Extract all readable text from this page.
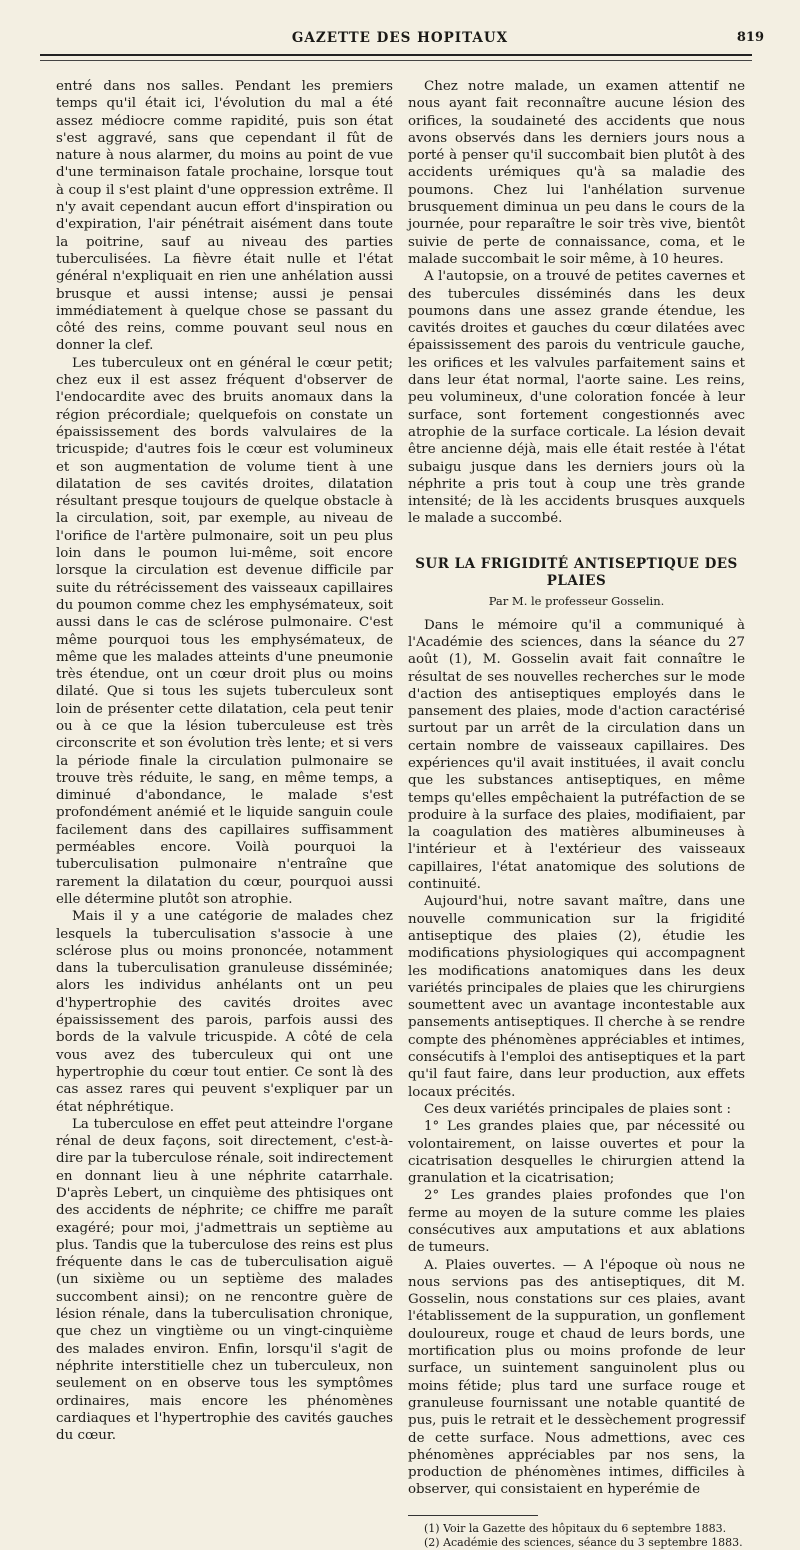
GAZETTE DES HOPITAUX	819

entré dans nos salles. Pendant les premiers temps qu'il était ici, l'évolution du mal a été assez médiocre comme rapidité, puis son état s'est aggravé, sans que cependant il fût de nature à nous alarmer, du moins au point de vue d'une terminaison fatale prochaine, lorsque tout à coup il s'est plaint d'une oppression extrême. Il n'y avait cependant aucun effort d'inspiration ou d'expiration, l'air pénétrait aisément dans toute la poitrine, sauf au niveau des parties tuberculisées. La fièvre était nulle et l'état général n'expliquait en rien une anhélation aussi brusque et aussi intense; aussi je pensai immédiatement à quelque chose se passant du côté des reins, comme pouvant seul nous en donner la clef.

Les tuberculeux ont en général le cœur petit; chez eux il est assez fréquent d'observer de l'endocardite avec des bruits anomaux dans la région précordiale; quelquefois on constate un épaississement des bords valvulaires de la tricuspide; d'autres fois le cœur est volumineux et son augmentation de volume tient à une dilatation de ses cavités droites, dilatation résultant presque toujours de quelque obstacle à la circulation, soit, par exemple, au niveau de l'orifice de l'artère pulmonaire, soit un peu plus loin dans le poumon lui-même, soit encore lorsque la circulation est devenue difficile par suite du rétrécissement des vaisseaux capillaires du poumon comme chez les emphysémateux, soit aussi dans le cas de sclérose pulmonaire. C'est même pourquoi tous les emphysémateux, de même que les malades atteints d'une pneumonie très étendue, ont un cœur droit plus ou moins dilaté. Que si tous les sujets tuberculeux sont loin de présenter cette dilatation, cela peut tenir ou à ce que la lésion tuberculeuse est très circonscrite et son évolution très lente; et si vers la période finale la circulation pulmonaire se trouve très réduite, le sang, en même temps, a diminué d'abondance, le malade s'est profondément anémié et le liquide sanguin coule facilement dans des capillaires suffisamment perméables encore. Voilà pourquoi la tuberculisation pulmonaire n'entraîne que rarement la dilatation du cœur, pourquoi aussi elle détermine plutôt son atrophie.

Mais il y a une catégorie de malades chez lesquels la tuberculisation s'associe à une sclérose plus ou moins prononcée, notamment dans la tuberculisation granuleuse disséminée; alors les individus anhélants ont un peu d'hypertrophie des cavités droites avec épaississement des parois, parfois aussi des bords de la valvule tricuspide. A côté de cela vous avez des tuberculeux qui ont une hypertrophie du cœur tout entier. Ce sont là des cas assez rares qui peuvent s'expliquer par un état néphrétique.

La tuberculose en effet peut atteindre l'organe rénal de deux façons, soit directement, c'est-à-dire par la tuberculose rénale, soit indirectement en donnant lieu à une néphrite catarrhale. D'après Lebert, un cinquième des phtisiques ont des accidents de néphrite; ce chiffre me paraît exagéré; pour moi, j'admettrais un septième au plus. Tandis que la tuberculose des reins est plus fréquente dans le cas de tuberculisation aiguë (un sixième ou un septième des malades succombent ainsi); on ne rencontre guère de lésion rénale, dans la tuberculisation chronique, que chez un vingtième ou un vingt-cinquième des malades environ. Enfin, lorsqu'il s'agit de néphrite interstitielle chez un tuberculeux, non seulement on en observe tous les symptômes ordinaires, mais encore les phénomènes cardiaques et l'hypertrophie des cavités gauches du cœur.

Chez notre malade, un examen attentif ne nous ayant fait reconnaître aucune lésion des orifices, la soudaineté des accidents que nous avons observés dans les derniers jours nous a porté à penser qu'il succombait bien plutôt à des accidents urémiques qu'à sa maladie des poumons. Chez lui l'anhélation survenue brusquement diminua un peu dans le cours de la journée, pour reparaître le soir très vive, bientôt suivie de perte de connaissance, coma, et le malade succombait le soir même, à 10 heures.

A l'autopsie, on a trouvé de petites cavernes et des tubercules disséminés dans les deux poumons dans une assez grande étendue, les cavités droites et gauches du cœur dilatées avec épaississement des parois du ventricule gauche, les orifices et les valvules parfaitement sains et dans leur état normal, l'aorte saine. Les reins, peu volumineux, d'une coloration foncée à leur surface, sont fortement congestionnés avec atrophie de la surface corticale. La lésion devait être ancienne déjà, mais elle était restée à l'état subaigu jusque dans les derniers jours où la néphrite a pris tout à coup une très grande intensité; de là les accidents brusques auxquels le malade a succombé.

SUR LA FRIGIDITÉ ANTISEPTIQUE DES PLAIES
Par M. le professeur Gosselin.

Dans le mémoire qu'il a communiqué à l'Académie des sciences, dans la séance du 27 août (1), M. Gosselin avait fait connaître le résultat de ses nouvelles recherches sur le mode d'action des antiseptiques employés dans le pansement des plaies, mode d'action caractérisé surtout par un arrêt de la circulation dans un certain nombre de vaisseaux capillaires. Des expériences qu'il avait instituées, il avait conclu que les substances antiseptiques, en même temps qu'elles empêchaient la putréfaction de se produire à la surface des plaies, modifiaient, par la coagulation des matières albumineuses à l'intérieur et à l'extérieur des vaisseaux capillaires, l'état anatomique des solutions de continuité.

Aujourd'hui, notre savant maître, dans une nouvelle communication sur la frigidité antiseptique des plaies (2), étudie les modifications physiologiques qui accompagnent les modifications anatomiques dans les deux variétés principales de plaies que les chirurgiens soumettent avec un avantage incontestable aux pansements antiseptiques. Il cherche à se rendre compte des phénomènes appréciables et intimes, consécutifs à l'emploi des antiseptiques et la part qu'il faut faire, dans leur production, aux effets locaux précités.

Ces deux variétés principales de plaies sont :

1° Les grandes plaies que, par nécessité ou volontairement, on laisse ouvertes et pour la cicatrisation desquelles le chirurgien attend la granulation et la cicatrisation;

2° Les grandes plaies profondes que l'on ferme au moyen de la suture comme les plaies consécutives aux amputations et aux ablations de tumeurs.

A. Plaies ouvertes. — A l'époque où nous ne nous servions pas des antiseptiques, dit M. Gosselin, nous constations sur ces plaies, avant l'établissement de la suppuration, un gonflement douloureux, rouge et chaud de leurs bords, une mortification plus ou moins profonde de leur surface, un suintement sanguinolent plus ou moins fétide; plus tard une surface rouge et granuleuse fournissant une notable quantité de pus, puis le retrait et le dessèchement progressif de cette surface. Nous admettions, avec ces phénomènes appréciables par nos sens, la production de phénomènes intimes, difficiles à observer, qui consistaient en hyperémie de

(1) Voir la Gazette des hôpitaux du 6 septembre 1883.

(2) Académie des sciences, séance du 3 septembre 1883.
